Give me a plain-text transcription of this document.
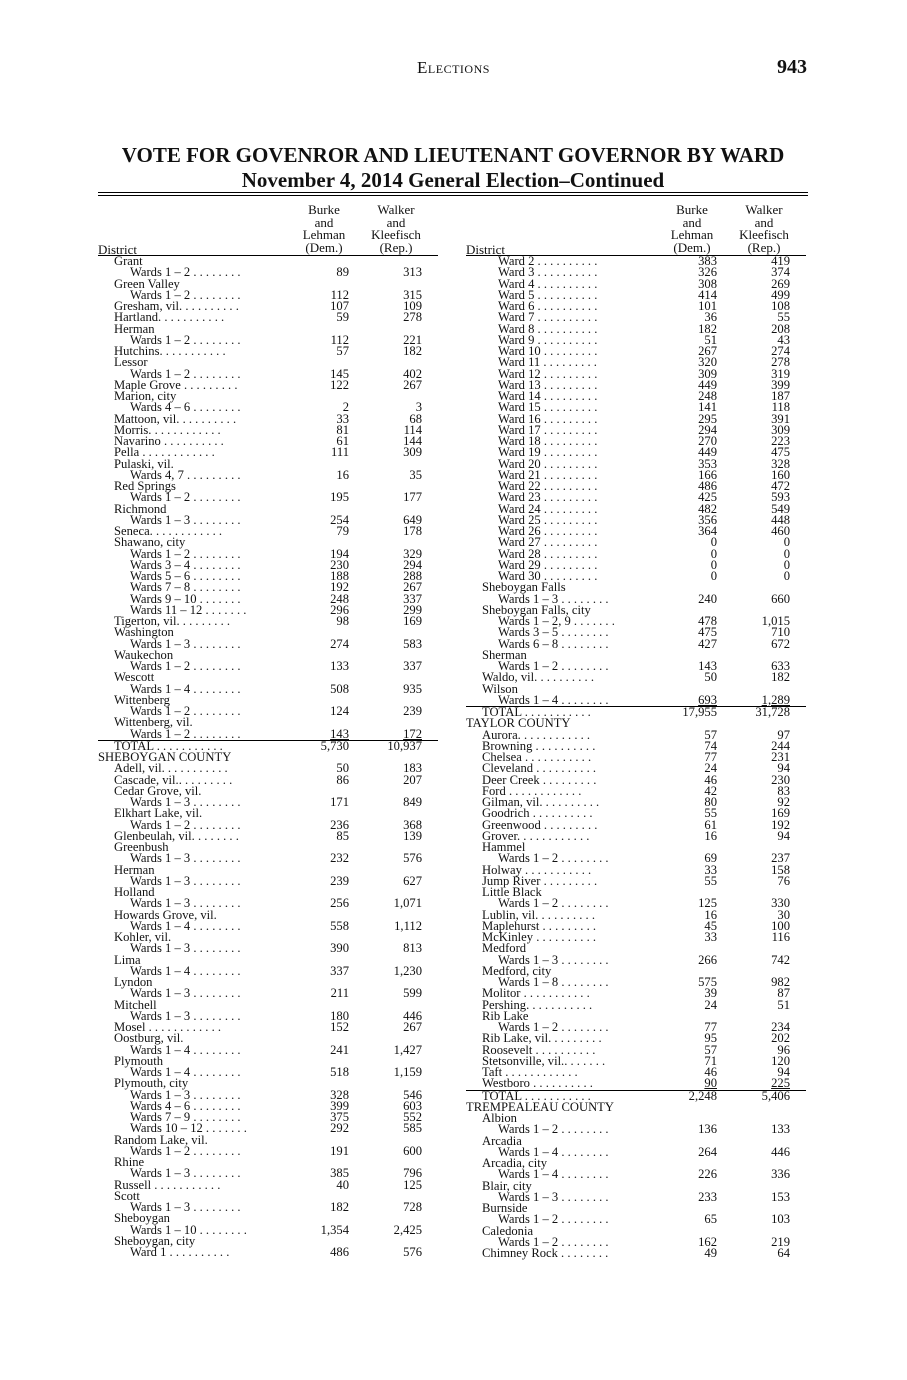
Elections	943
VOTE FOR GOVENROR AND LIEUTENANT GOVERNOR BY WARD
November 4, 2014 General Election–Continued
Burke
and
Lehman
(Dem.)
Walker
and
Kleefisch
(Rep.)
District
Grant
Wards 1 – 2 . . . . . . . .	89	313
Green Valley
Wards 1 – 2 . . . . . . . .	112	315
Gresham, vil. . . . . . . . . .	107	109
Hartland. . . . . . . . . . .	59	278
Herman
Wards 1 – 2 . . . . . . . .	112	221
Hutchins. . . . . . . . . . .	57	182
Lessor
Wards 1 – 2 . . . . . . . .	145	402
Maple Grove . . . . . . . . .	122	267
Marion, city
Wards 4 – 6 . . . . . . . .	2	3
Mattoon, vil. . . . . . . . . .	33	68
Morris. . . . . . . . . . . .	81	114
Navarino . . . . . . . . . .	61	144
Pella . . . . . . . . . . . .	111	309
Pulaski, vil.
Wards 4, 7 . . . . . . . . .	16	35
Red Springs
Wards 1 – 2 . . . . . . . .	195	177
Richmond
Wards 1 – 3 . . . . . . . .	254	649
Seneca. . . . . . . . . . . .	79	178
Shawano, city
Wards 1 – 2 . . . . . . . .	194	329
Wards 3 – 4 . . . . . . . .	230	294
Wards 5 – 6 . . . . . . . .	188	288
Wards 7 – 8 . . . . . . . .	192	267
Wards 9 – 10 . . . . . . .	248	337
Wards 11 – 12 . . . . . . .	296	299
Tigerton, vil. . . . . . . . .	98	169
Washington
Wards 1 – 3 . . . . . . . .	274	583
Waukechon
Wards 1 – 2 . . . . . . . .	133	337
Wescott
Wards 1 – 4 . . . . . . . .	508	935
Wittenberg
Wards 1 – 2 . . . . . . . .	124	239
Wittenberg, vil.
Wards 1 – 2 . . . . . . . .	143	172
TOTAL . . . . . . . . . . .	5,730	10,937
SHEBOYGAN COUNTY
Adell, vil. . . . . . . . . . .	50	183
Cascade, vil.. . . . . . . . .	86	207
Cedar Grove, vil.
Wards 1 – 3 . . . . . . . .	171	849
Elkhart Lake, vil.
Wards 1 – 2 . . . . . . . .	236	368
Glenbeulah, vil. . . . . . . .	85	139
Greenbush
Wards 1 – 3 . . . . . . . .	232	576
Herman
Wards 1 – 3 . . . . . . . .	239	627
Holland
Wards 1 – 3 . . . . . . . .	256	1,071
Howards Grove, vil.
Wards 1 – 4 . . . . . . . .	558	1,112
Kohler, vil.
Wards 1 – 3 . . . . . . . .	390	813
Lima
Wards 1 – 4 . . . . . . . .	337	1,230
Lyndon
Wards 1 – 3 . . . . . . . .	211	599
Mitchell
Wards 1 – 3 . . . . . . . .	180	446
Mosel . . . . . . . . . . . .	152	267
Oostburg, vil.
Wards 1 – 4 . . . . . . . .	241	1,427
Plymouth
Wards 1 – 4 . . . . . . . .	518	1,159
Plymouth, city
Wards 1 – 3 . . . . . . . .	328	546
Wards 4 – 6 . . . . . . . .	399	603
Wards 7 – 9 . . . . . . . .	375	552
Wards 10 – 12 . . . . . . .	292	585
Random Lake, vil.
Wards 1 – 2 . . . . . . . .	191	600
Rhine
Wards 1 – 3 . . . . . . . .	385	796
Russell . . . . . . . . . . .	40	125
Scott
Wards 1 – 3 . . . . . . . .	182	728
Sheboygan
Wards 1 – 10 . . . . . . . .	1,354	2,425
Sheboygan, city
Ward 1 . . . . . . . . . .	486	576
Burke
and
Lehman
(Dem.)
Walker
and
Kleefisch
(Rep.)
District
Ward 2 . . . . . . . . . .	383	419
Ward 3 . . . . . . . . . .	326	374
Ward 4 . . . . . . . . . .	308	269
Ward 5 . . . . . . . . . .	414	499
Ward 6 . . . . . . . . . .	101	108
Ward 7 . . . . . . . . . .	36	55
Ward 8 . . . . . . . . . .	182	208
Ward 9 . . . . . . . . . .	51	43
Ward 10 . . . . . . . . .	267	274
Ward 11 . . . . . . . . .	320	278
Ward 12 . . . . . . . . .	309	319
Ward 13 . . . . . . . . .	449	399
Ward 14 . . . . . . . . .	248	187
Ward 15 . . . . . . . . .	141	118
Ward 16 . . . . . . . . .	295	391
Ward 17 . . . . . . . . .	294	309
Ward 18 . . . . . . . . .	270	223
Ward 19 . . . . . . . . .	449	475
Ward 20 . . . . . . . . .	353	328
Ward 21 . . . . . . . . .	166	160
Ward 22 . . . . . . . . .	486	472
Ward 23 . . . . . . . . .	425	593
Ward 24 . . . . . . . . .	482	549
Ward 25 . . . . . . . . .	356	448
Ward 26 . . . . . . . . .	364	460
Ward 27 . . . . . . . . .	0	0
Ward 28 . . . . . . . . .	0	0
Ward 29 . . . . . . . . .	0	0
Ward 30 . . . . . . . . .	0	0
Sheboygan Falls
Wards 1 – 3 . . . . . . . .	240	660
Sheboygan Falls, city
Wards 1 – 2, 9 . . . . . . .	478	1,015
Wards 3 – 5 . . . . . . . .	475	710
Wards 6 – 8 . . . . . . . .	427	672
Sherman
Wards 1 – 2 . . . . . . . .	143	633
Waldo, vil. . . . . . . . . .	50	182
Wilson
Wards 1 – 4 . . . . . . . .	693	1,289
TOTAL . . . . . . . . . . .	17,955	31,728
TAYLOR COUNTY
Aurora. . . . . . . . . . . .	57	97
Browning . . . . . . . . . .	74	244
Chelsea . . . . . . . . . . .	77	231
Cleveland . . . . . . . . . .	24	94
Deer Creek . . . . . . . . .	46	230
Ford . . . . . . . . . . . .	42	83
Gilman, vil. . . . . . . . . .	80	92
Goodrich . . . . . . . . . .	55	169
Greenwood . . . . . . . . .	61	192
Grover. . . . . . . . . . . .	16	94
Hammel
Wards 1 – 2 . . . . . . . .	69	237
Holway . . . . . . . . . . .	33	158
Jump River . . . . . . . . .	55	76
Little Black
Wards 1 – 2 . . . . . . . .	125	330
Lublin, vil. . . . . . . . . .	16	30
Maplehurst . . . . . . . . .	45	100
McKinley . . . . . . . . . .	33	116
Medford
Wards 1 – 3 . . . . . . . .	266	742
Medford, city
Wards 1 – 8 . . . . . . . .	575	982
Molitor . . . . . . . . . . .	39	87
Pershing. . . . . . . . . . .	24	51
Rib Lake
Wards 1 – 2 . . . . . . . .	77	234
Rib Lake, vil. . . . . . . . .	95	202
Roosevelt . . . . . . . . . .	57	96
Stetsonville, vil.. . . . . . .	71	120
Taft . . . . . . . . . . . .	46	94
Westboro . . . . . . . . . .	90	225
TOTAL . . . . . . . . . . .	2,248	5,406
TREMPEALEAU COUNTY
Albion
Wards 1 – 2 . . . . . . . .	136	133
Arcadia
Wards 1 – 4 . . . . . . . .	264	446
Arcadia, city
Wards 1 – 4 . . . . . . . .	226	336
Blair, city
Wards 1 – 3 . . . . . . . .	233	153
Burnside
Wards 1 – 2 . . . . . . . .	65	103
Caledonia
Wards 1 – 2 . . . . . . . .	162	219
Chimney Rock . . . . . . . .	49	64
